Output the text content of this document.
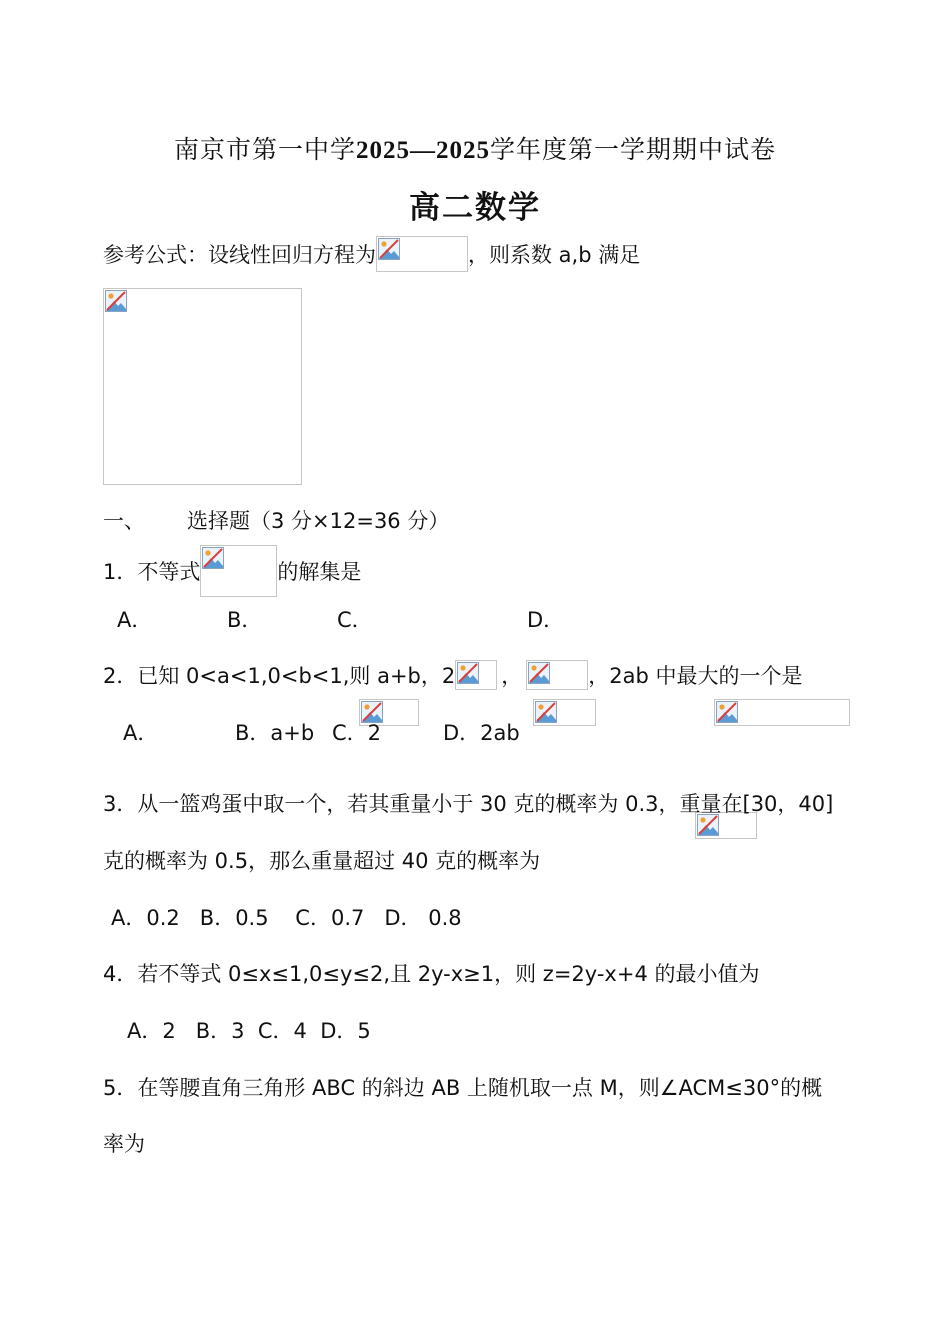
南京市第一中学2025—2025学年度第一学期期中试卷
高二数学
参考公式：设线性回归方程为	，则系数 a,b 满足

一、 选择题（3 分×12=36 分）
1．不等式	的解集是
A．
	B．
	C．
	D．

2．已知 0<a<1,0<b<1,则 a+b，2 ，	，2ab 中最大的一个是
A．
	B．a+b C．2	D．2ab
3．从一篮鸡蛋中取一个，若其重量小于 30 克的概率为 0.3，重量在[30，40]
克的概率为 0.5，那么重量超过 40 克的概率为
A．0.2   B．0.5    C．0.7   D． 0.8
4．若不等式 0≤x≤1,0≤y≤2,且 2y-x≥1，则 z=2y-x+4 的最小值为
A．2   B．3  C．4  D．5
5．在等腰直角三角形 ABC 的斜边 AB 上随机取一点 M，则∠ACM≤30°的概
率为
